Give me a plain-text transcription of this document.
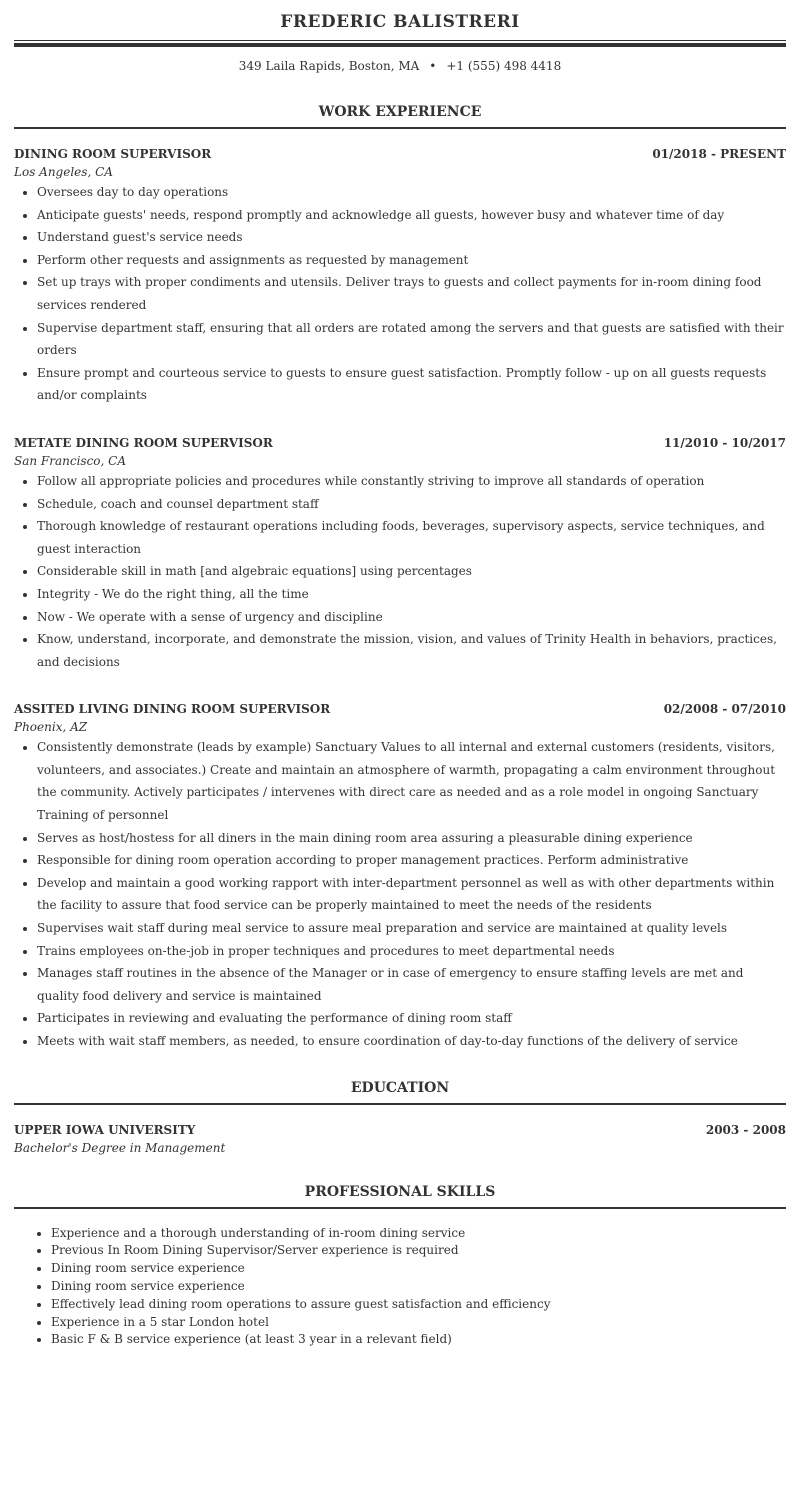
FREDERIC BALISTRERI
349 Laila Rapids, Boston, MA • +1 (555) 498 4418
WORK EXPERIENCE
DINING ROOM SUPERVISOR	01/2018 - PRESENT
Los Angeles, CA
• Oversees day to day operations
• Anticipate guests' needs, respond promptly and acknowledge all guests, however busy and whatever time of day
• Understand guest's service needs
• Perform other requests and assignments as requested by management
• Set up trays with proper condiments and utensils. Deliver trays to guests and collect payments for in-room dining food services rendered
• Supervise department staff, ensuring that all orders are rotated among the servers and that guests are satisfied with their orders
• Ensure prompt and courteous service to guests to ensure guest satisfaction. Promptly follow - up on all guests requests and/or complaints
METATE DINING ROOM SUPERVISOR	11/2010 - 10/2017
San Francisco, CA
• Follow all appropriate policies and procedures while constantly striving to improve all standards of operation
• Schedule, coach and counsel department staff
• Thorough knowledge of restaurant operations including foods, beverages, supervisory aspects, service techniques, and guest interaction
• Considerable skill in math [and algebraic equations] using percentages
• Integrity - We do the right thing, all the time
• Now - We operate with a sense of urgency and discipline
• Know, understand, incorporate, and demonstrate the mission, vision, and values of Trinity Health in behaviors, practices, and decisions
ASSITED LIVING DINING ROOM SUPERVISOR	02/2008 - 07/2010
Phoenix, AZ
• Consistently demonstrate (leads by example) Sanctuary Values to all internal and external customers (residents, visitors, volunteers, and associates.) Create and maintain an atmosphere of warmth, propagating a calm environment throughout the community. Actively participates / intervenes with direct care as needed and as a role model in ongoing Sanctuary Training of personnel
• Serves as host/hostess for all diners in the main dining room area assuring a pleasurable dining experience
• Responsible for dining room operation according to proper management practices. Perform administrative
• Develop and maintain a good working rapport with inter-department personnel as well as with other departments within the facility to assure that food service can be properly maintained to meet the needs of the residents
• Supervises wait staff during meal service to assure meal preparation and service are maintained at quality levels
• Trains employees on-the-job in proper techniques and procedures to meet departmental needs
• Manages staff routines in the absence of the Manager or in case of emergency to ensure staffing levels are met and quality food delivery and service is maintained
• Participates in reviewing and evaluating the performance of dining room staff
• Meets with wait staff members, as needed, to ensure coordination of day-to-day functions of the delivery of service
EDUCATION
UPPER IOWA UNIVERSITY	2003 - 2008
Bachelor's Degree in Management
PROFESSIONAL SKILLS
• Experience and a thorough understanding of in-room dining service
• Previous In Room Dining Supervisor/Server experience is required
• Dining room service experience
• Dining room service experience
• Effectively lead dining room operations to assure guest satisfaction and efficiency
• Experience in a 5 star London hotel
• Basic F & B service experience (at least 3 year in a relevant field)
